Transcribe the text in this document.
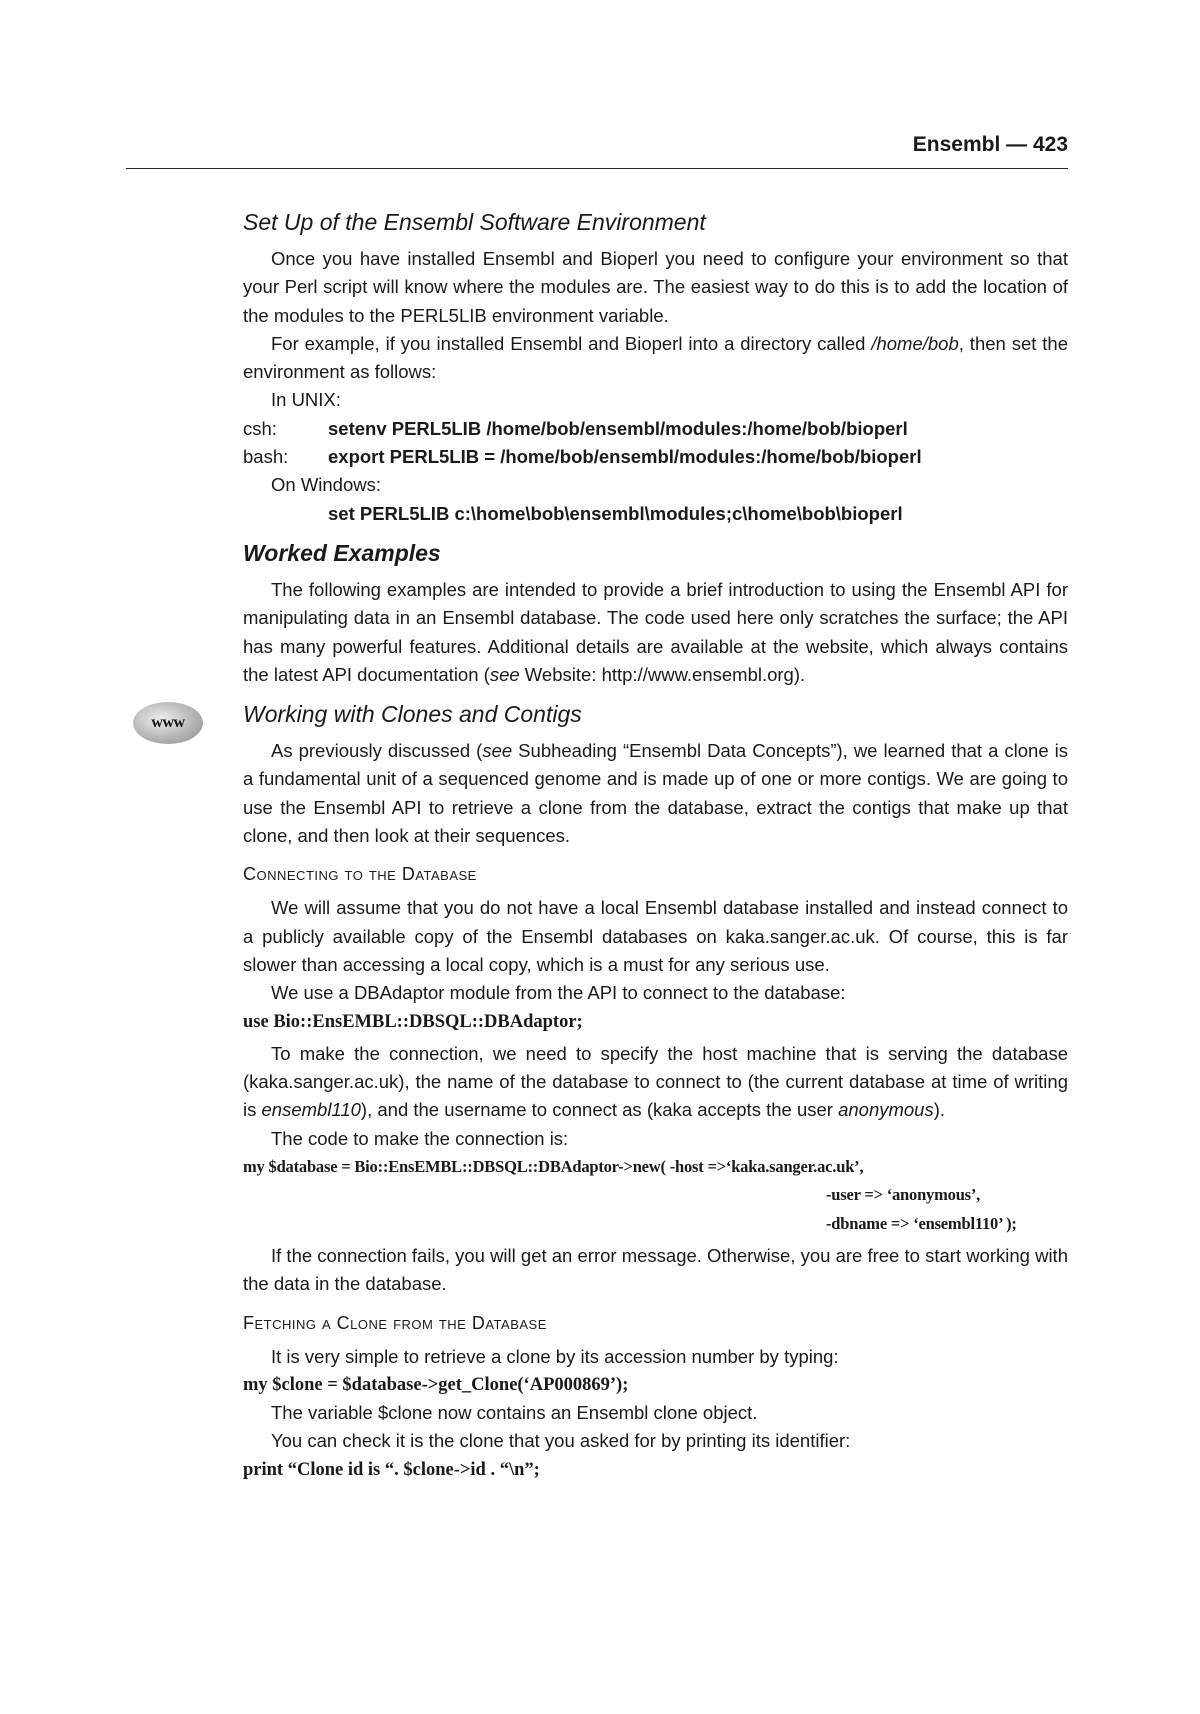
Ensembl — 423
www
Set Up of the Ensembl Software Environment

Once you have installed Ensembl and Bioperl you need to configure your environment so that your Perl script will know where the modules are. The easiest way to do this is to add the location of the modules to the PERL5LIB environment variable.

For example, if you installed Ensembl and Bioperl into a directory called /home/bob, then set the environment as follows:

In UNIX:

csh:	setenv PERL5LIB /home/bob/ensembl/modules:/home/bob/bioperl
bash:	export PERL5LIB = /home/bob/ensembl/modules:/home/bob/bioperl

On Windows:

set PERL5LIB c:\home\bob\ensembl\modules;c\home\bob\bioperl
Worked Examples

The following examples are intended to provide a brief introduction to using the Ensembl API for manipulating data in an Ensembl database. The code used here only scratches the surface; the API has many powerful features. Additional details are available at the website, which always contains the latest API documentation (see Website: http://www.ensembl.org).

Working with Clones and Contigs

As previously discussed (see Subheading “Ensembl Data Concepts”), we learned that a clone is a fundamental unit of a sequenced genome and is made up of one or more contigs. We are going to use the Ensembl API to retrieve a clone from the database, extract the contigs that make up that clone, and then look at their sequences.

Connecting to the Database

We will assume that you do not have a local Ensembl database installed and instead connect to a publicly available copy of the Ensembl databases on kaka.sanger.ac.uk. Of course, this is far slower than accessing a local copy, which is a must for any serious use.

We use a DBAdaptor module from the API to connect to the database:

use Bio::EnsEMBL::DBSQL::DBAdaptor;

To make the connection, we need to specify the host machine that is serving the database (kaka.sanger.ac.uk), the name of the database to connect to (the current database at time of writing is ensembl110), and the username to connect as (kaka accepts the user anonymous).

The code to make the connection is:

my $database = Bio::EnsEMBL::DBSQL::DBAdaptor->new( -host =>‘kaka.sanger.ac.uk’,
-user => ‘anonymous’,
-dbname => ‘ensembl110’ );

If the connection fails, you will get an error message. Otherwise, you are free to start working with the data in the database.

Fetching a Clone from the Database

It is very simple to retrieve a clone by its accession number by typing:

my $clone = $database->get_Clone(‘AP000869’);

The variable $clone now contains an Ensembl clone object.

You can check it is the clone that you asked for by printing its identifier:

print “Clone id is “. $clone->id . “\n”;
